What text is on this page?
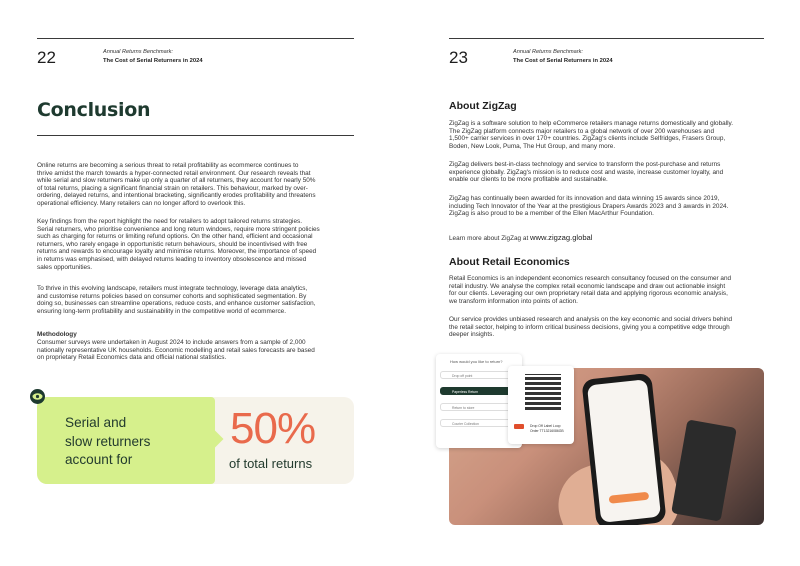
22	Annual Returns Benchmark:
The Cost of Serial Returners in 2024
Conclusion
Online returns are becoming a serious threat to retail profitability as ecommerce continues to
thrive amidst the march towards a hyper-connected retail environment. Our research reveals that
while serial and slow returners make up only a quarter of all returners, they account for nearly 50%
of total returns, placing a significant financial strain on retailers. This behaviour, marked by over-
ordering, delayed returns, and intentional bracketing, significantly erodes profitability and threatens
operational efficiency. Many retailers can no longer afford to overlook this.
Key findings from the report highlight the need for retailers to adopt tailored returns strategies.
Serial returners, who prioritise convenience and long return windows, require more stringent policies
such as charging for returns or limiting refund options. On the other hand, efficient and occasional
returners, who rarely engage in opportunistic return behaviours, should be incentivised with free
returns and rewards to encourage loyalty and minimise returns. Moreover, the importance of speed
in returns was emphasised, with delayed returns leading to inventory obsolescence and missed
sales opportunities.
To thrive in this evolving landscape, retailers must integrate technology, leverage data analytics,
and customise returns policies based on consumer cohorts and sophisticated segmentation. By
doing so, businesses can streamline operations, reduce costs, and enhance customer satisfaction,
ensuring long-term profitability and sustainability in the competitive world of ecommerce.
Methodology
Consumer surveys were undertaken in August 2024 to include answers from a sample of 2,000
nationally representative UK households. Economic modelling and retail sales forecasts are based
on proprietary Retail Economics data and official national statistics.
Serial and
slow returners
account for
50%
of total returns
23	Annual Returns Benchmark:
The Cost of Serial Returners in 2024
About ZigZag
ZigZag is a software solution to help eCommerce retailers manage returns domestically and globally.
The ZigZag platform connects major retailers to a global network of over 200 warehouses and
1,500+ carrier services in over 170+ countries. ZigZag's clients include Selfridges, Frasers Group,
Boden, New Look, Puma, The Hut Group, and many more.
ZigZag delivers best-in-class technology and service to transform the post-purchase and returns
experience globally. ZigZag's mission is to reduce cost and waste, increase customer loyalty, and
enable our clients to be more profitable and sustainable.
ZigZag has continually been awarded for its innovation and data winning 15 awards since 2019,
including Tech Innovator of the Year at the prestigious Drapers Awards 2023 and 3 awards in 2024.
ZigZag is also proud to be a member of the Ellen MacArthur Foundation.

Learn more about ZigZag at www.zigzag.global

About Retail Economics
Retail Economics is an independent economics research consultancy focused on the consumer and
retail industry. We analyse the complex retail economic landscape and draw out actionable insight
for our clients. Leveraging our own proprietary retail data and applying rigorous economic analysis,
we transform information into points of action.
Our service provides unbiased research and analysis on the key economic and social drivers behind
the retail sector, helping to inform critical business decisions, giving you a competitive edge through
deeper insights.
How would you like to return?
Drop off point
Paperless Return
Return to store
Courier Collection	Drop Off Label Loop
Order TT13216086GB
